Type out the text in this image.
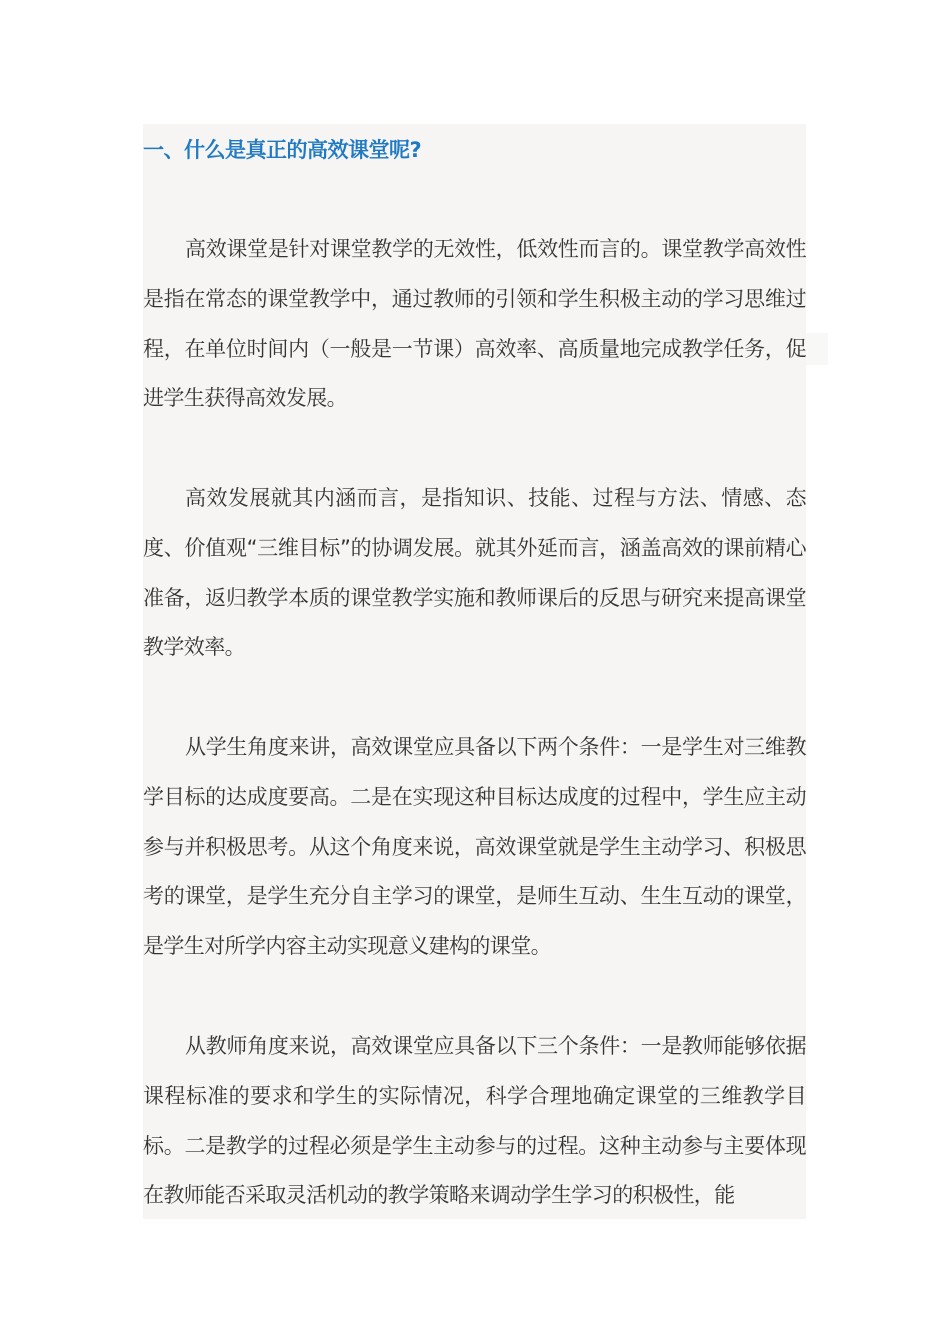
一、什么是真正的高效课堂呢?

高效课堂是针对课堂教学的无效性，低效性而言的。课堂教学高效性是指在常态的课堂教学中，通过教师的引领和学生积极主动的学习思维过程，在单位时间内（一般是一节课）高效率、高质量地完成教学任务，促进学生获得高效发展。

高效发展就其内涵而言，是指知识、技能、过程与方法、情感、态度、价值观“三维目标”的协调发展。就其外延而言，涵盖高效的课前精心准备，返归教学本质的课堂教学实施和教师课后的反思与研究来提高课堂教学效率。

从学生角度来讲，高效课堂应具备以下两个条件：一是学生对三维教学目标的达成度要高。二是在实现这种目标达成度的过程中，学生应主动参与并积极思考。从这个角度来说，高效课堂就是学生主动学习、积极思考的课堂，是学生充分自主学习的课堂，是师生互动、生生互动的课堂，是学生对所学内容主动实现意义建构的课堂。

从教师角度来说，高效课堂应具备以下三个条件：一是教师能够依据课程标准的要求和学生的实际情况，科学合理地确定课堂的三维教学目标。二是教学的过程必须是学生主动参与的过程。这种主动参与主要体现在教师能否采取灵活机动的教学策略来调动学生学习的积极性，能
